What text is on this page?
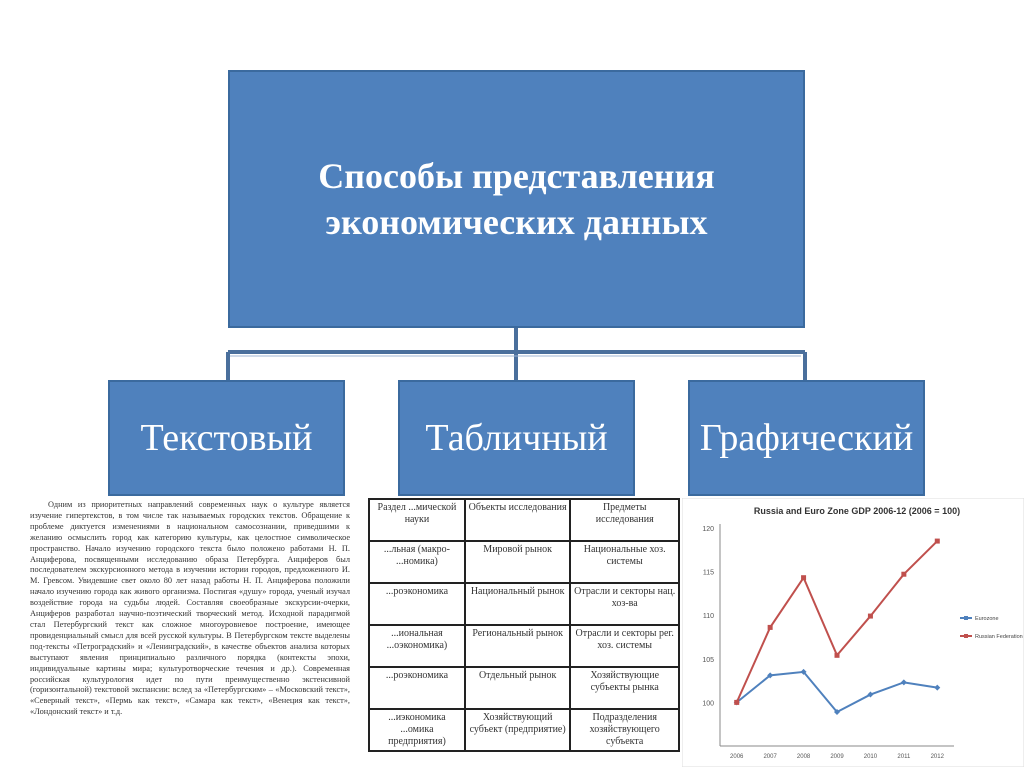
Способы представления
экономических данных
Текстовый	Табличный Графический

Одним из приоритетных направлений современных наук о культуре является изучение гипертекстов, в том числе так называемых городских текстов. Обращение к проблеме диктуется изменениями в национальном самосознании, приведшими к желанию осмыслить город как категорию культуры, как целостное символическое пространство. Начало изучению городского текста было положено работами Н. П. Анциферова, посвященными исследованию образа Петербурга. Анциферов был последователем экскурсионного метода в изучении истории городов, предложенного И. М. Гревсом. Увидевшие свет около 80 лет назад работы Н. П. Анциферова положили начало изучению города как живого организма. Постигая «душу» города, ученый изучал воздействие города на судьбы людей. Составляя своеобразные экскурсии-очерки, Анциферов разработал научно-поэтический творческий метод. Исходной парадигмой стал Петербургский текст как сложное многоуровневое построение, имеющее провиденциальный смысл для всей русской культуры. В Петербургском тексте выделены под-тексты «Петроградский» и «Ленинградский», в качестве объектов анализа которых выступают явления принципиально различного порядка (контексты эпохи, индивидуальные картины мира; культуротворческие течения и др.). Современная российская культурология идет по пути преимущественно экстенсивной (горизонтальной) текстовой экспансии: вслед за «Петербургским» – «Московский текст», «Северный текст», «Пермь как текст», «Самара как текст», «Венеция как текст», «Лондонский текст» и т.д.

Раздел ...мической науки	Объекты исследования	Предметы исследования
...льная (макро- ...номика)	Мировой рынок	Национальные хоз. системы
...роэкономика	Национальный рынок	Отрасли и секторы нац. хоз-ва
...иональная ...оэкономика)	Региональный рынок	Отрасли и секторы рег. хоз. системы
...роэкономика	Отдельный рынок	Хозяйствующие субъекты рынка
...иэкономика ...омика предприятия)	Хозяйствующий субъект (предприятие)	Подразделения хозяйствующего субъекта
Russia and Euro Zone GDP 2006-12 (2006 = 100)
100
105
110
115
120
2006	2007	2008	2009	2010	2011	2012
Eurozone
Russian Federation
